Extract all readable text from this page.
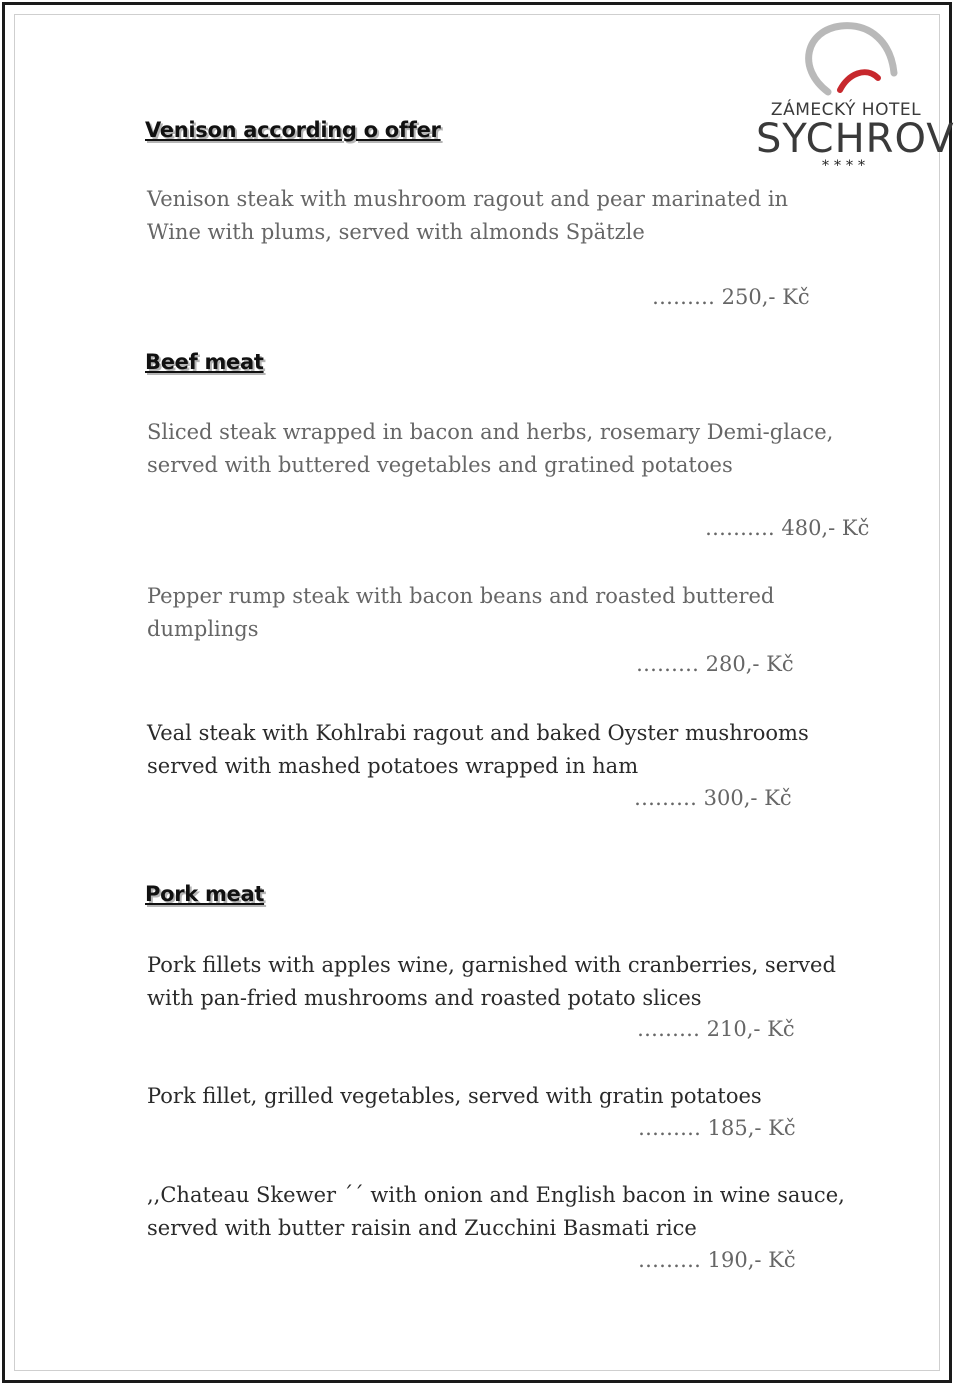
ZÁMECKÝ HOTEL
SYCHROV
****
Venison according o offer
Venison steak with mushroom ragout and pear marinated in
Wine with plums, served with almonds Spätzle
……… 250,- Kč
Beef meat
Sliced steak wrapped in bacon and herbs, rosemary Demi-glace,
served with buttered vegetables and gratined potatoes
………. 480,- Kč
Pepper rump steak with bacon beans and roasted buttered
dumplings
……… 280,- Kč
Veal steak with Kohlrabi ragout and baked Oyster mushrooms
served with mashed potatoes wrapped in ham
……… 300,- Kč
Pork meat
Pork fillets with apples wine, garnished with cranberries, served
with pan-fried mushrooms and roasted potato slices
……… 210,- Kč
Pork fillet, grilled vegetables, served with gratin potatoes
……… 185,- Kč
,,Chateau Skewer ´´ with onion and English bacon in wine sauce,
served with butter raisin and Zucchini Basmati rice
……… 190,- Kč
